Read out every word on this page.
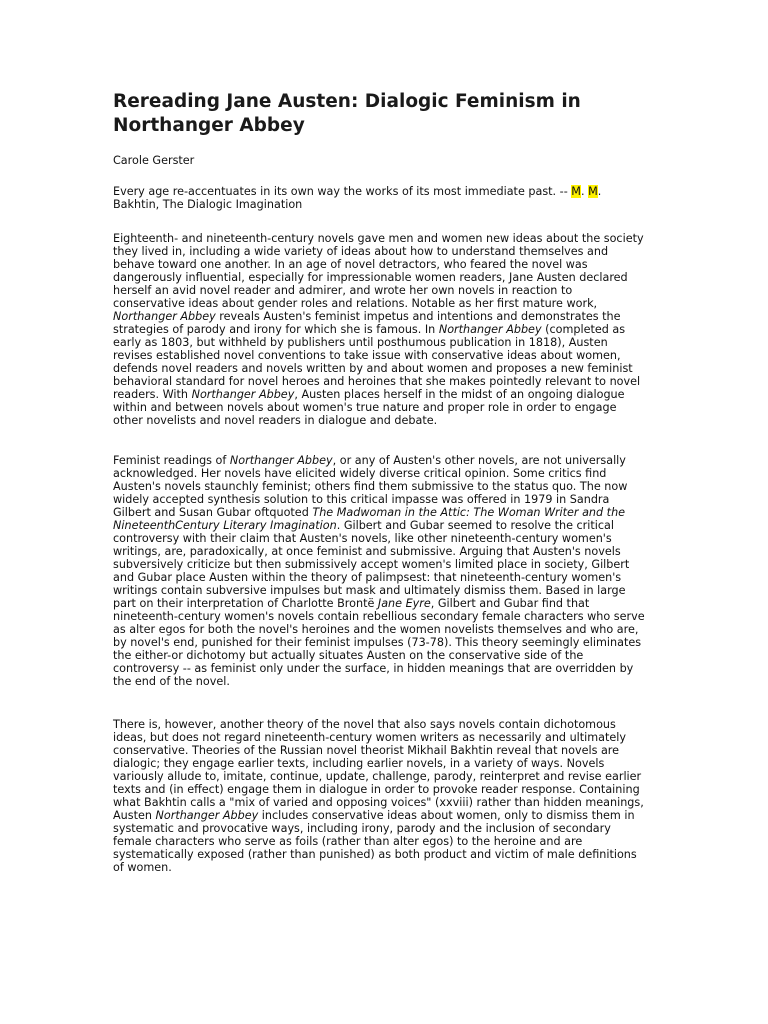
Rereading Jane Austen: Dialogic Feminism in Northanger Abbey
Carole Gerster
Every age re-accentuates in its own way the works of its most immediate past. -- M. M.
Bakhtin, The Dialogic Imagination
Eighteenth- and nineteenth-century novels gave men and women new ideas about the society
they lived in, including a wide variety of ideas about how to understand themselves and
behave toward one another. In an age of novel detractors, who feared the novel was
dangerously influential, especially for impressionable women readers, Jane Austen declared
herself an avid novel reader and admirer, and wrote her own novels in reaction to
conservative ideas about gender roles and relations. Notable as her first mature work,
Northanger Abbey reveals Austen's feminist impetus and intentions and demonstrates the
strategies of parody and irony for which she is famous. In Northanger Abbey (completed as
early as 1803, but withheld by publishers until posthumous publication in 1818), Austen
revises established novel conventions to take issue with conservative ideas about women,
defends novel readers and novels written by and about women and proposes a new feminist
behavioral standard for novel heroes and heroines that she makes pointedly relevant to novel
readers. With Northanger Abbey, Austen places herself in the midst of an ongoing dialogue
within and between novels about women's true nature and proper role in order to engage
other novelists and novel readers in dialogue and debate.
Feminist readings of Northanger Abbey, or any of Austen's other novels, are not universally
acknowledged. Her novels have elicited widely diverse critical opinion. Some critics find
Austen's novels staunchly feminist; others find them submissive to the status quo. The now
widely accepted synthesis solution to this critical impasse was offered in 1979 in Sandra
Gilbert and Susan Gubar oftquoted The Madwoman in the Attic: The Woman Writer and the
NineteenthCentury Literary Imagination. Gilbert and Gubar seemed to resolve the critical
controversy with their claim that Austen's novels, like other nineteenth-century women's
writings, are, paradoxically, at once feminist and submissive. Arguing that Austen's novels
subversively criticize but then submissively accept women's limited place in society, Gilbert
and Gubar place Austen within the theory of palimpsest: that nineteenth-century women's
writings contain subversive impulses but mask and ultimately dismiss them. Based in large
part on their interpretation of Charlotte Brontë Jane Eyre, Gilbert and Gubar find that
nineteenth-century women's novels contain rebellious secondary female characters who serve
as alter egos for both the novel's heroines and the women novelists themselves and who are,
by novel's end, punished for their feminist impulses (73-78). This theory seemingly eliminates
the either-or dichotomy but actually situates Austen on the conservative side of the
controversy -- as feminist only under the surface, in hidden meanings that are overridden by
the end of the novel.
There is, however, another theory of the novel that also says novels contain dichotomous
ideas, but does not regard nineteenth-century women writers as necessarily and ultimately
conservative. Theories of the Russian novel theorist Mikhail Bakhtin reveal that novels are
dialogic; they engage earlier texts, including earlier novels, in a variety of ways. Novels
variously allude to, imitate, continue, update, challenge, parody, reinterpret and revise earlier
texts and (in effect) engage them in dialogue in order to provoke reader response. Containing
what Bakhtin calls a "mix of varied and opposing voices" (xxviii) rather than hidden meanings,
Austen Northanger Abbey includes conservative ideas about women, only to dismiss them in
systematic and provocative ways, including irony, parody and the inclusion of secondary
female characters who serve as foils (rather than alter egos) to the heroine and are
systematically exposed (rather than punished) as both product and victim of male definitions
of women.
